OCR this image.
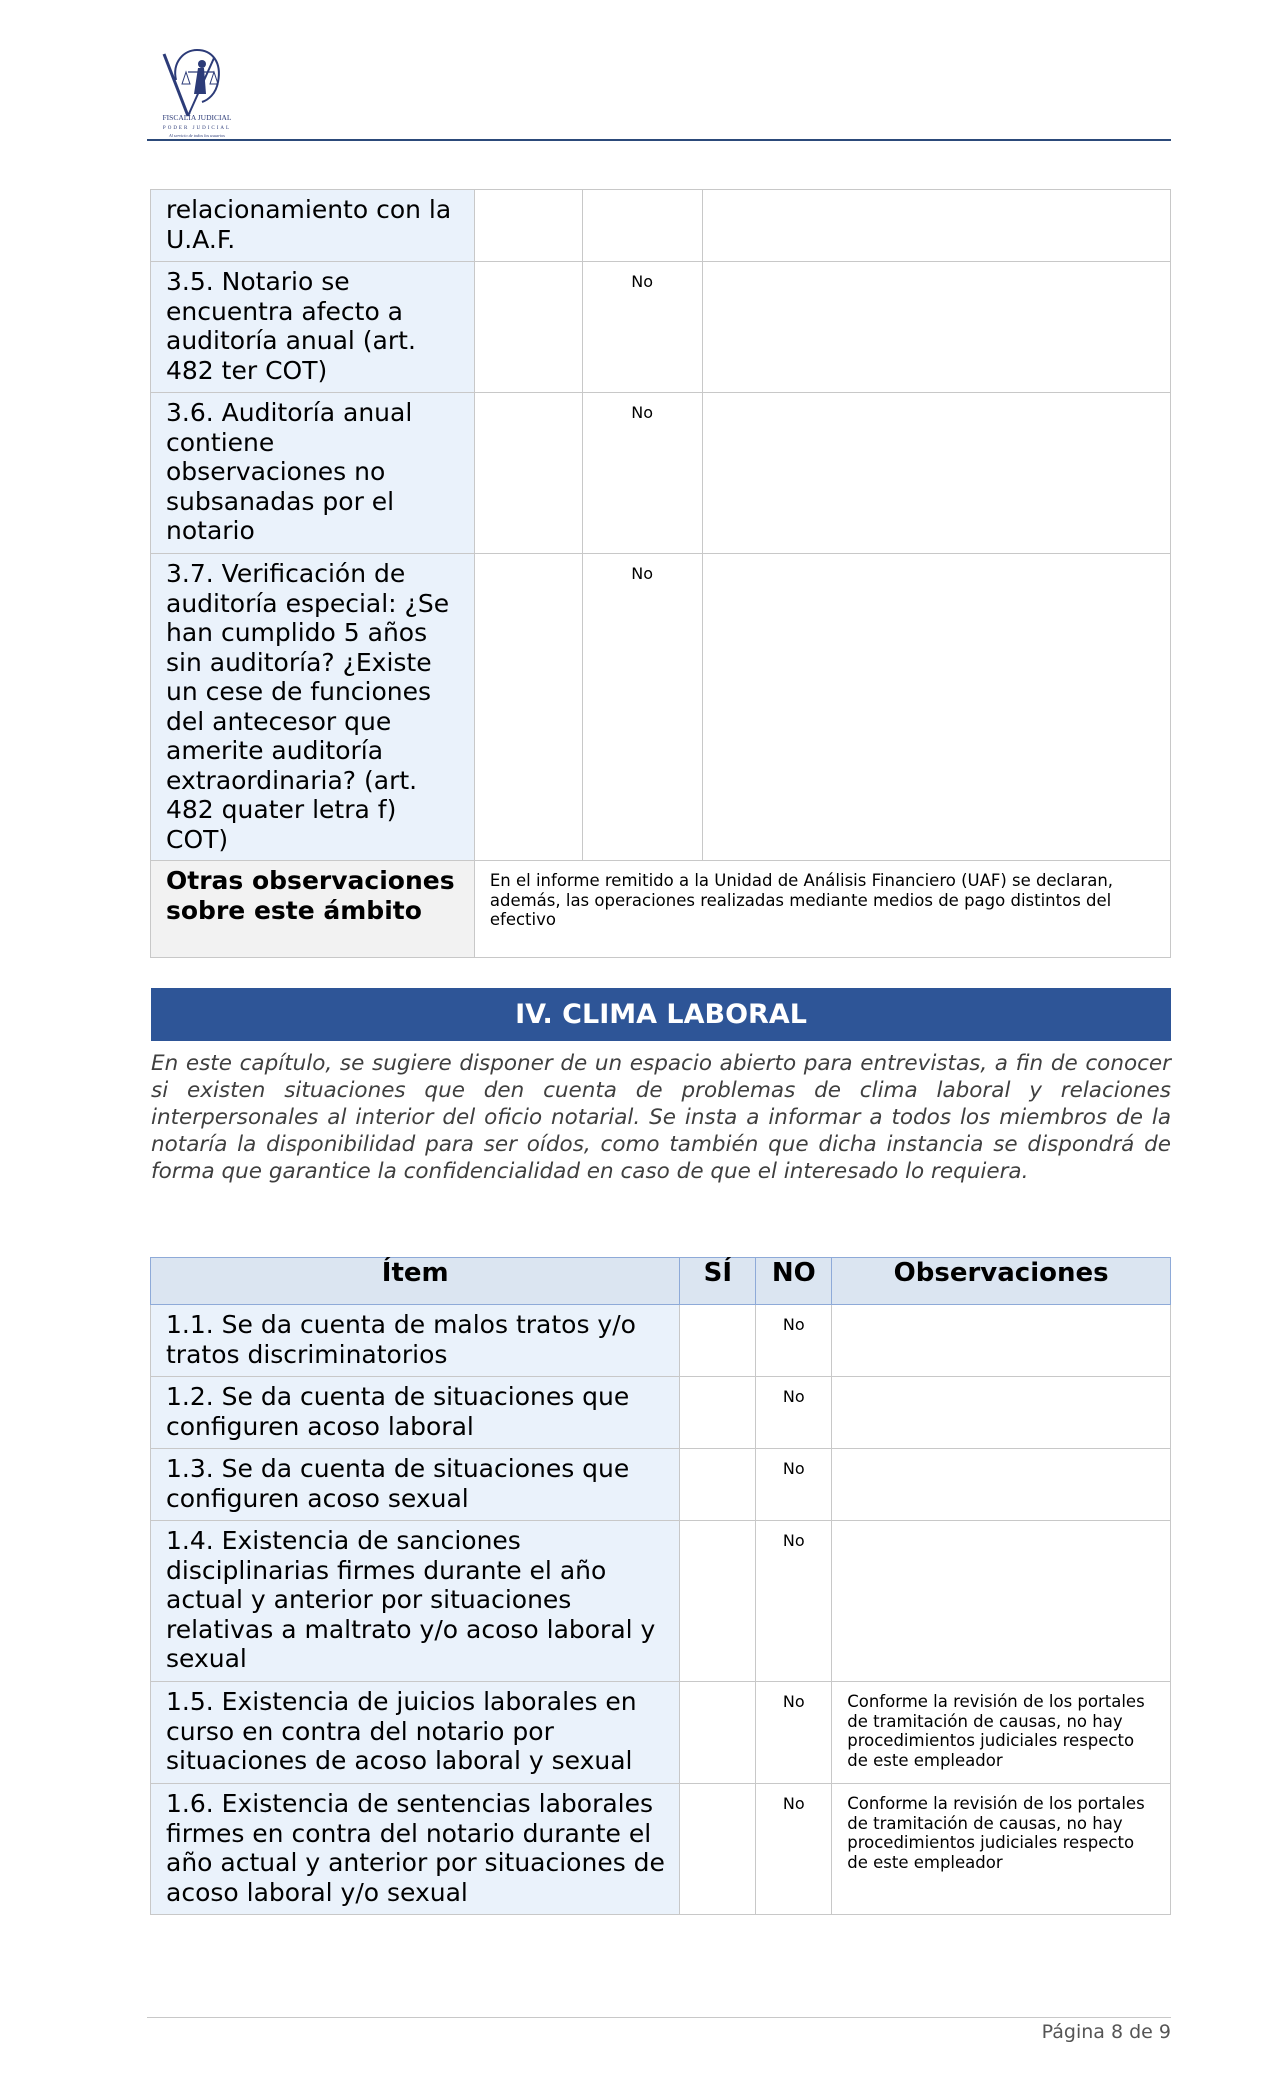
FISCALÍA JUDICIAL
PODER JUDICIAL
Al servicio de todos los usuarios
relacionamiento con la U.A.F.			
3.5. Notario se encuentra afecto a auditoría anual (art. 482 ter COT)		No	
3.6. Auditoría anual contiene observaciones no subsanadas por el notario		No	
3.7. Verificación de auditoría especial: ¿Se han cumplido 5 años sin auditoría? ¿Existe un cese de funciones del antecesor que amerite auditoría extraordinaria? (art. 482 quater letra f) COT)		No	
Otras observaciones sobre este ámbito	En el informe remitido a la Unidad de Análisis Financiero (UAF) se declaran, además, las operaciones realizadas mediante medios de pago distintos del efectivo		
IV. CLIMA LABORAL

En este capítulo, se sugiere disponer de un espacio abierto para entrevistas, a fin de conocer si existen situaciones que den cuenta de problemas de clima laboral y relaciones interpersonales al interior del oficio notarial. Se insta a informar a todos los miembros de la notaría la disponibilidad para ser oídos, como también que dicha instancia se dispondrá de forma que garantice la confidencialidad en caso de que el interesado lo requiera.

Ítem	SÍ	NO	Observaciones
1.1. Se da cuenta de malos tratos y/o tratos discriminatorios		No	
1.2. Se da cuenta de situaciones que configuren acoso laboral		No	
1.3. Se da cuenta de situaciones que configuren acoso sexual		No	
1.4. Existencia de sanciones disciplinarias firmes durante el año actual y anterior por situaciones relativas a maltrato y/o acoso laboral y sexual		No	
1.5. Existencia de juicios laborales en curso en contra del notario por situaciones de acoso laboral y sexual		No	Conforme la revisión de los portales de tramitación de causas, no hay procedimientos judiciales respecto de este empleador
1.6. Existencia de sentencias laborales firmes en contra del notario durante el año actual y anterior por situaciones de acoso laboral y/o sexual		No	Conforme la revisión de los portales de tramitación de causas, no hay procedimientos judiciales respecto de este empleador
Página 8 de 9
